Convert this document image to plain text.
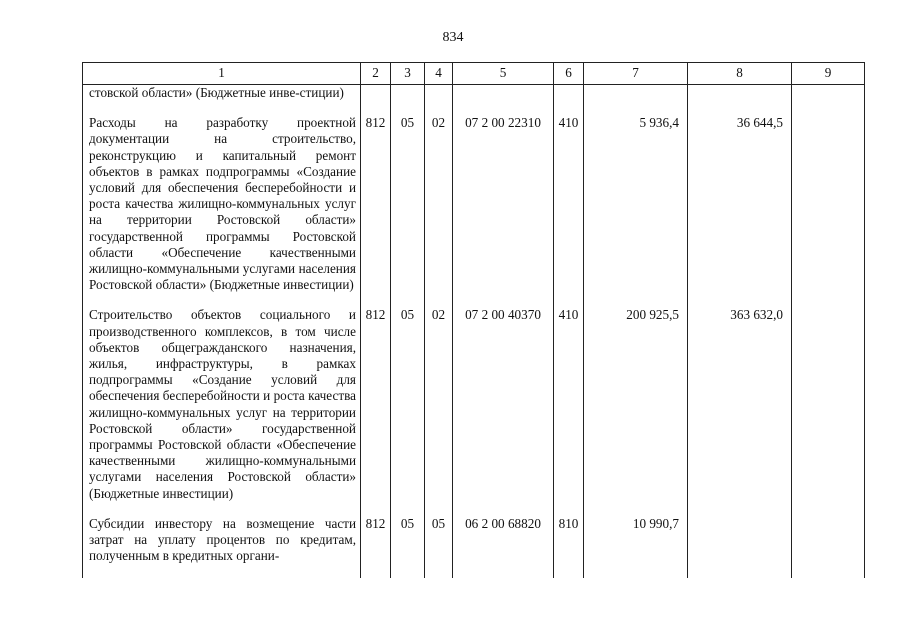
834
1	2	3	4	5	6	7	8	9
стовской области» (Бюджетные инве-стиции)								
Расходы на разработку проектной документации на строительство, реконструкцию и капитальный ремонт объектов в рамках подпрограммы «Создание условий для обеспечения бесперебойности и роста качества жилищно-коммунальных услуг на территории Ростовской области» государственной программы Ростовской области «Обеспечение качественными жилищно-коммунальными услугами населения Ростовской области» (Бюджетные инвестиции)	812	05	02	07 2 00 22310	410	5 936,4	36 644,5	
Строительство объектов социального и производственного комплексов, в том числе объектов общегражданского назначения, жилья, инфраструктуры, в рамках подпрограммы «Создание условий для обеспечения бесперебойности и роста качества жилищно-коммунальных услуг на территории Ростовской области» государственной программы Ростовской области «Обеспечение качественными жилищно-коммунальными услугами населения Ростовской области» (Бюджетные инвестиции)	812	05	02	07 2 00 40370	410	200 925,5	363 632,0	
Субсидии инвестору на возмещение части затрат на уплату процентов по кредитам, полученным в кредитных органи-	812	05	05	06 2 00 68820	810	10 990,7		
